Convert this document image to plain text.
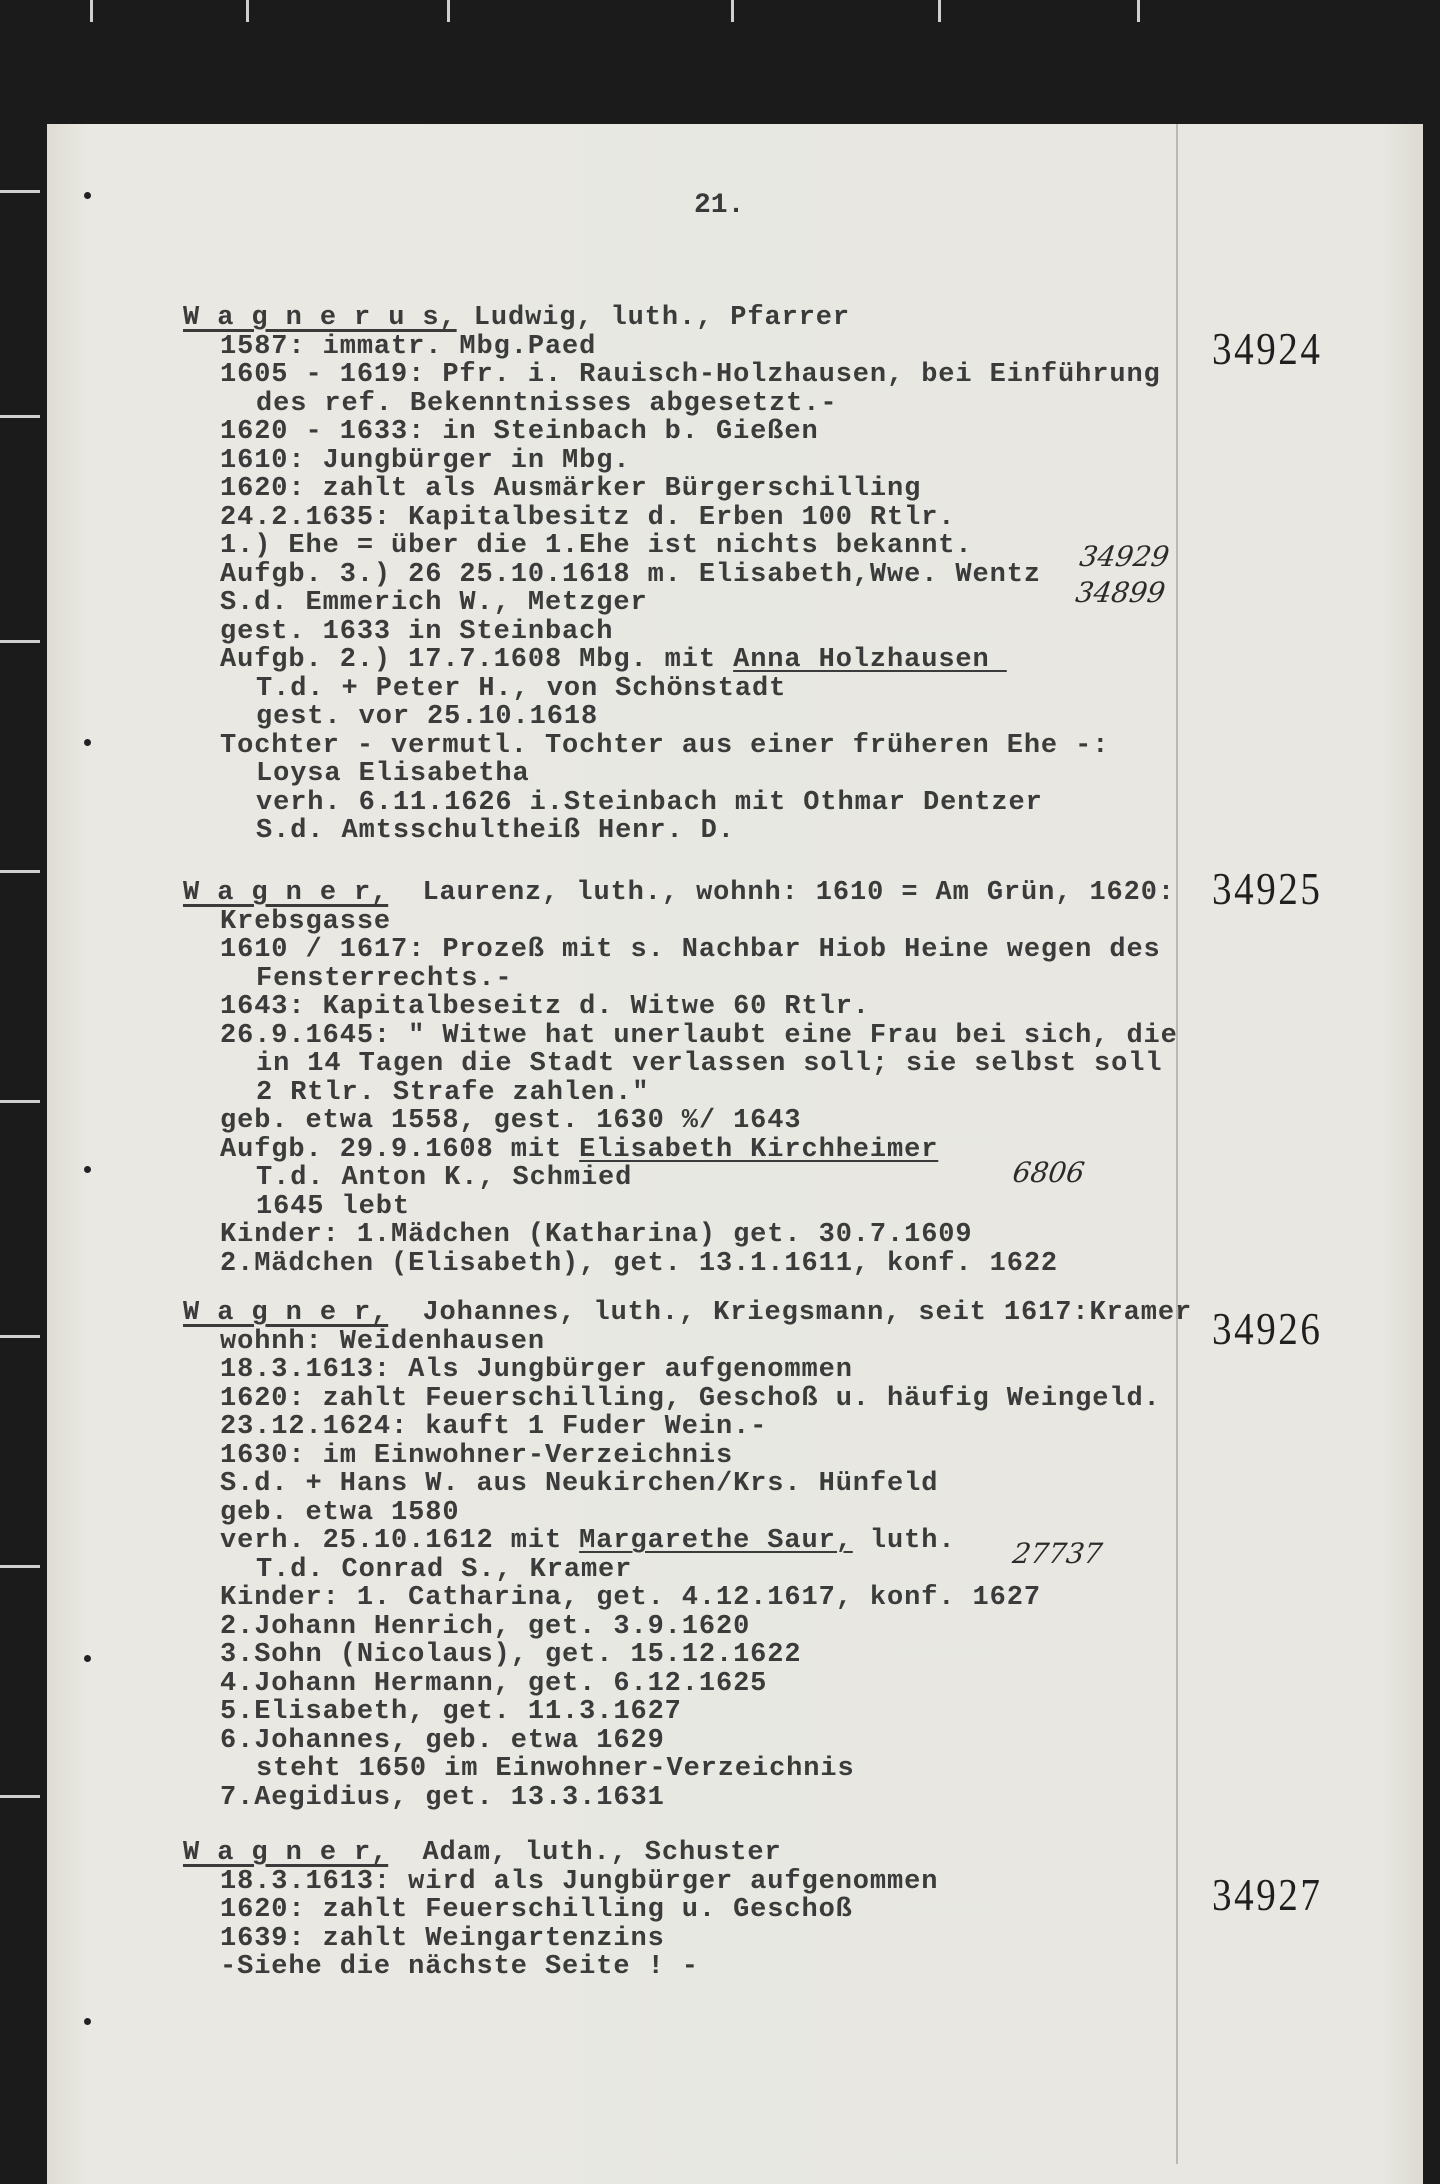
21.
W a g n e r u s, Ludwig, luth., Pfarrer
1587: immatr. Mbg.Paed
1605 - 1619: Pfr. i. Rauisch-Holzhausen, bei Einführung
des ref. Bekenntnisses abgesetzt.-
1620 - 1633: in Steinbach b. Gießen
1610: Jungbürger in Mbg.
1620: zahlt als Ausmärker Bürgerschilling
24.2.1635: Kapitalbesitz d. Erben 100 Rtlr.
1.) Ehe = über die 1.Ehe ist nichts bekannt.
Aufgb. 3.) 26 25.10.1618 m. Elisabeth,Wwe. Wentz
S.d. Emmerich W., Metzger
gest. 1633 in Steinbach
Aufgb. 2.) 17.7.1608 Mbg. mit Anna Holzhausen
T.d. + Peter H., von Schönstadt
gest. vor 25.10.1618
Tochter - vermutl. Tochter aus einer früheren Ehe -:
Loysa Elisabetha
verh. 6.11.1626 i.Steinbach mit Othmar Dentzer
S.d. Amtsschultheiß Henr. D.
34924
W a g n e r,  Laurenz, luth., wohnh: 1610 = Am Grün, 1620:
Krebsgasse
1610 / 1617: Prozeß mit s. Nachbar Hiob Heine wegen des
Fensterrechts.-
1643: Kapitalbeseitz d. Witwe 60 Rtlr.
26.9.1645: " Witwe hat unerlaubt eine Frau bei sich, die
in 14 Tagen die Stadt verlassen soll; sie selbst soll
2 Rtlr. Strafe zahlen."
geb. etwa 1558, gest. 1630 %/ 1643
Aufgb. 29.9.1608 mit Elisabeth Kirchheimer
T.d. Anton K., Schmied
1645 lebt
Kinder: 1.Mädchen (Katharina) get. 30.7.1609
2.Mädchen (Elisabeth), get. 13.1.1611, konf. 1622
34925
W a g n e r,  Johannes, luth., Kriegsmann, seit 1617:Kramer
wohnh: Weidenhausen
18.3.1613: Als Jungbürger aufgenommen
1620: zahlt Feuerschilling, Geschoß u. häufig Weingeld.
23.12.1624: kauft 1 Fuder Wein.-
1630: im Einwohner-Verzeichnis
S.d. + Hans W. aus Neukirchen/Krs. Hünfeld
geb. etwa 1580
verh. 25.10.1612 mit Margarethe Saur, luth.
T.d. Conrad S., Kramer
Kinder: 1. Catharina, get. 4.12.1617, konf. 1627
2.Johann Henrich, get. 3.9.1620
3.Sohn (Nicolaus), get. 15.12.1622
4.Johann Hermann, get. 6.12.1625
5.Elisabeth, get. 11.3.1627
6.Johannes, geb. etwa 1629
steht 1650 im Einwohner-Verzeichnis
7.Aegidius, get. 13.3.1631
34926
W a g n e r,  Adam, luth., Schuster
18.3.1613: wird als Jungbürger aufgenommen
1620: zahlt Feuerschilling u. Geschoß
1639: zahlt Weingartenzins
-Siehe die nächste Seite ! -
34927
34929
34899
6806
27737
